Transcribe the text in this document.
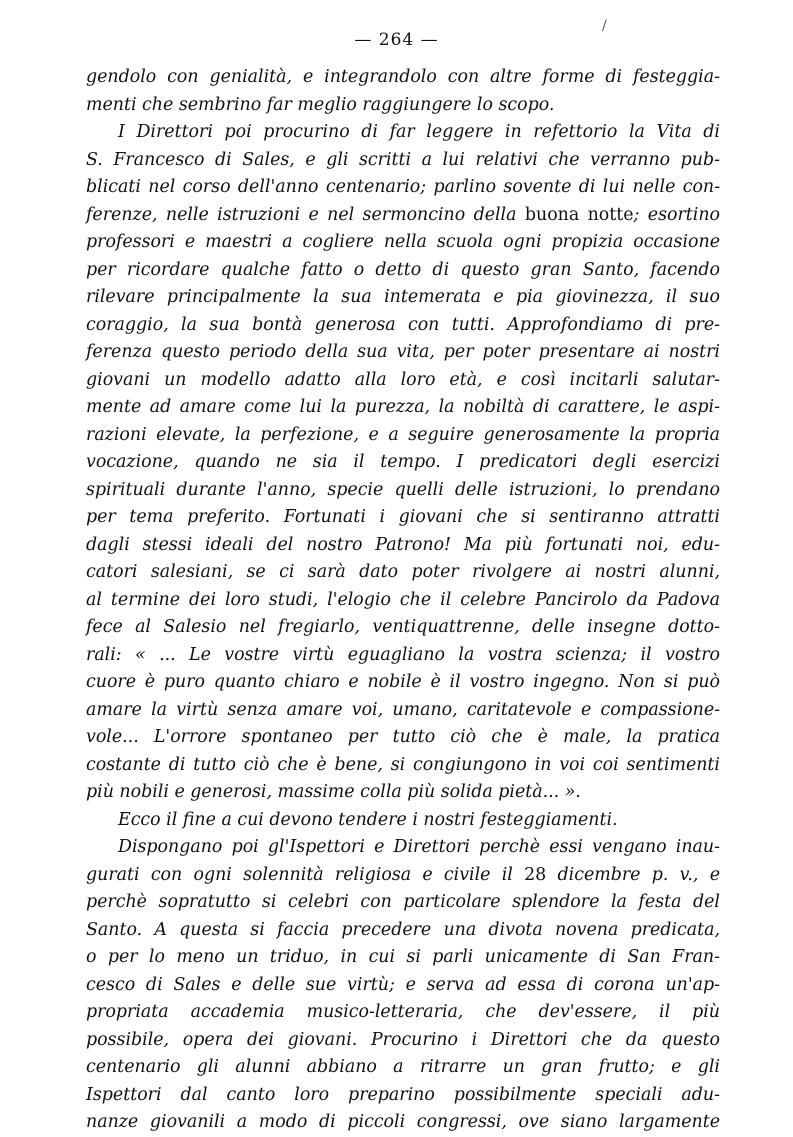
— 264 —
/
gendolo con genialità, e integrandolo con altre forme di festeggia-
menti che sembrino far meglio raggiungere lo scopo.
I Direttori poi procurino di far leggere in refettorio la Vita di
S. Francesco di Sales, e gli scritti a lui relativi che verranno pub-
blicati nel corso dell'anno centenario; parlino sovente di lui nelle con-
ferenze, nelle istruzioni e nel sermoncino della buona notte; esortino
professori e maestri a cogliere nella scuola ogni propizia occasione
per ricordare qualche fatto o detto di questo gran Santo, facendo
rilevare principalmente la sua intemerata e pia giovinezza, il suo
coraggio, la sua bontà generosa con tutti. Approfondiamo di pre-
ferenza questo periodo della sua vita, per poter presentare ai nostri
giovani un modello adatto alla loro età, e così incitarli salutar-
mente ad amare come lui la purezza, la nobiltà di carattere, le aspi-
razioni elevate, la perfezione, e a seguire generosamente la propria
vocazione, quando ne sia il tempo. I predicatori degli esercizi
spirituali durante l'anno, specie quelli delle istruzioni, lo prendano
per tema preferito. Fortunati i giovani che si sentiranno attratti
dagli stessi ideali del nostro Patrono! Ma più fortunati noi, edu-
catori salesiani, se ci sarà dato poter rivolgere ai nostri alunni,
al termine dei loro studi, l'elogio che il celebre Pancirolo da Padova
fece al Salesio nel fregiarlo, ventiquattrenne, delle insegne dotto-
rali: « ... Le vostre virtù eguagliano la vostra scienza; il vostro
cuore è puro quanto chiaro e nobile è il vostro ingegno. Non si può
amare la virtù senza amare voi, umano, caritatevole e compassione-
vole... L'orrore spontaneo per tutto ciò che è male, la pratica
costante di tutto ciò che è bene, si congiungono in voi coi sentimenti
più nobili e generosi, massime colla più solida pietà... ».
Ecco il fine a cui devono tendere i nostri festeggiamenti.
Dispongano poi gl'Ispettori e Direttori perchè essi vengano inau-
gurati con ogni solennità religiosa e civile il 28 dicembre p. v., e
perchè sopratutto si celebri con particolare splendore la festa del
Santo. A questa si faccia precedere una divota novena predicata,
o per lo meno un triduo, in cui si parli unicamente di San Fran-
cesco di Sales e delle sue virtù; e serva ad essa di corona un'ap-
propriata accademia musico-letteraria, che dev'essere, il più
possibile, opera dei giovani. Procurino i Direttori che da questo
centenario gli alunni abbiano a ritrarre un gran frutto; e gli
Ispettori dal canto loro preparino possibilmente speciali adu-
nanze giovanili a modo di piccoli congressi, ove siano largamente
